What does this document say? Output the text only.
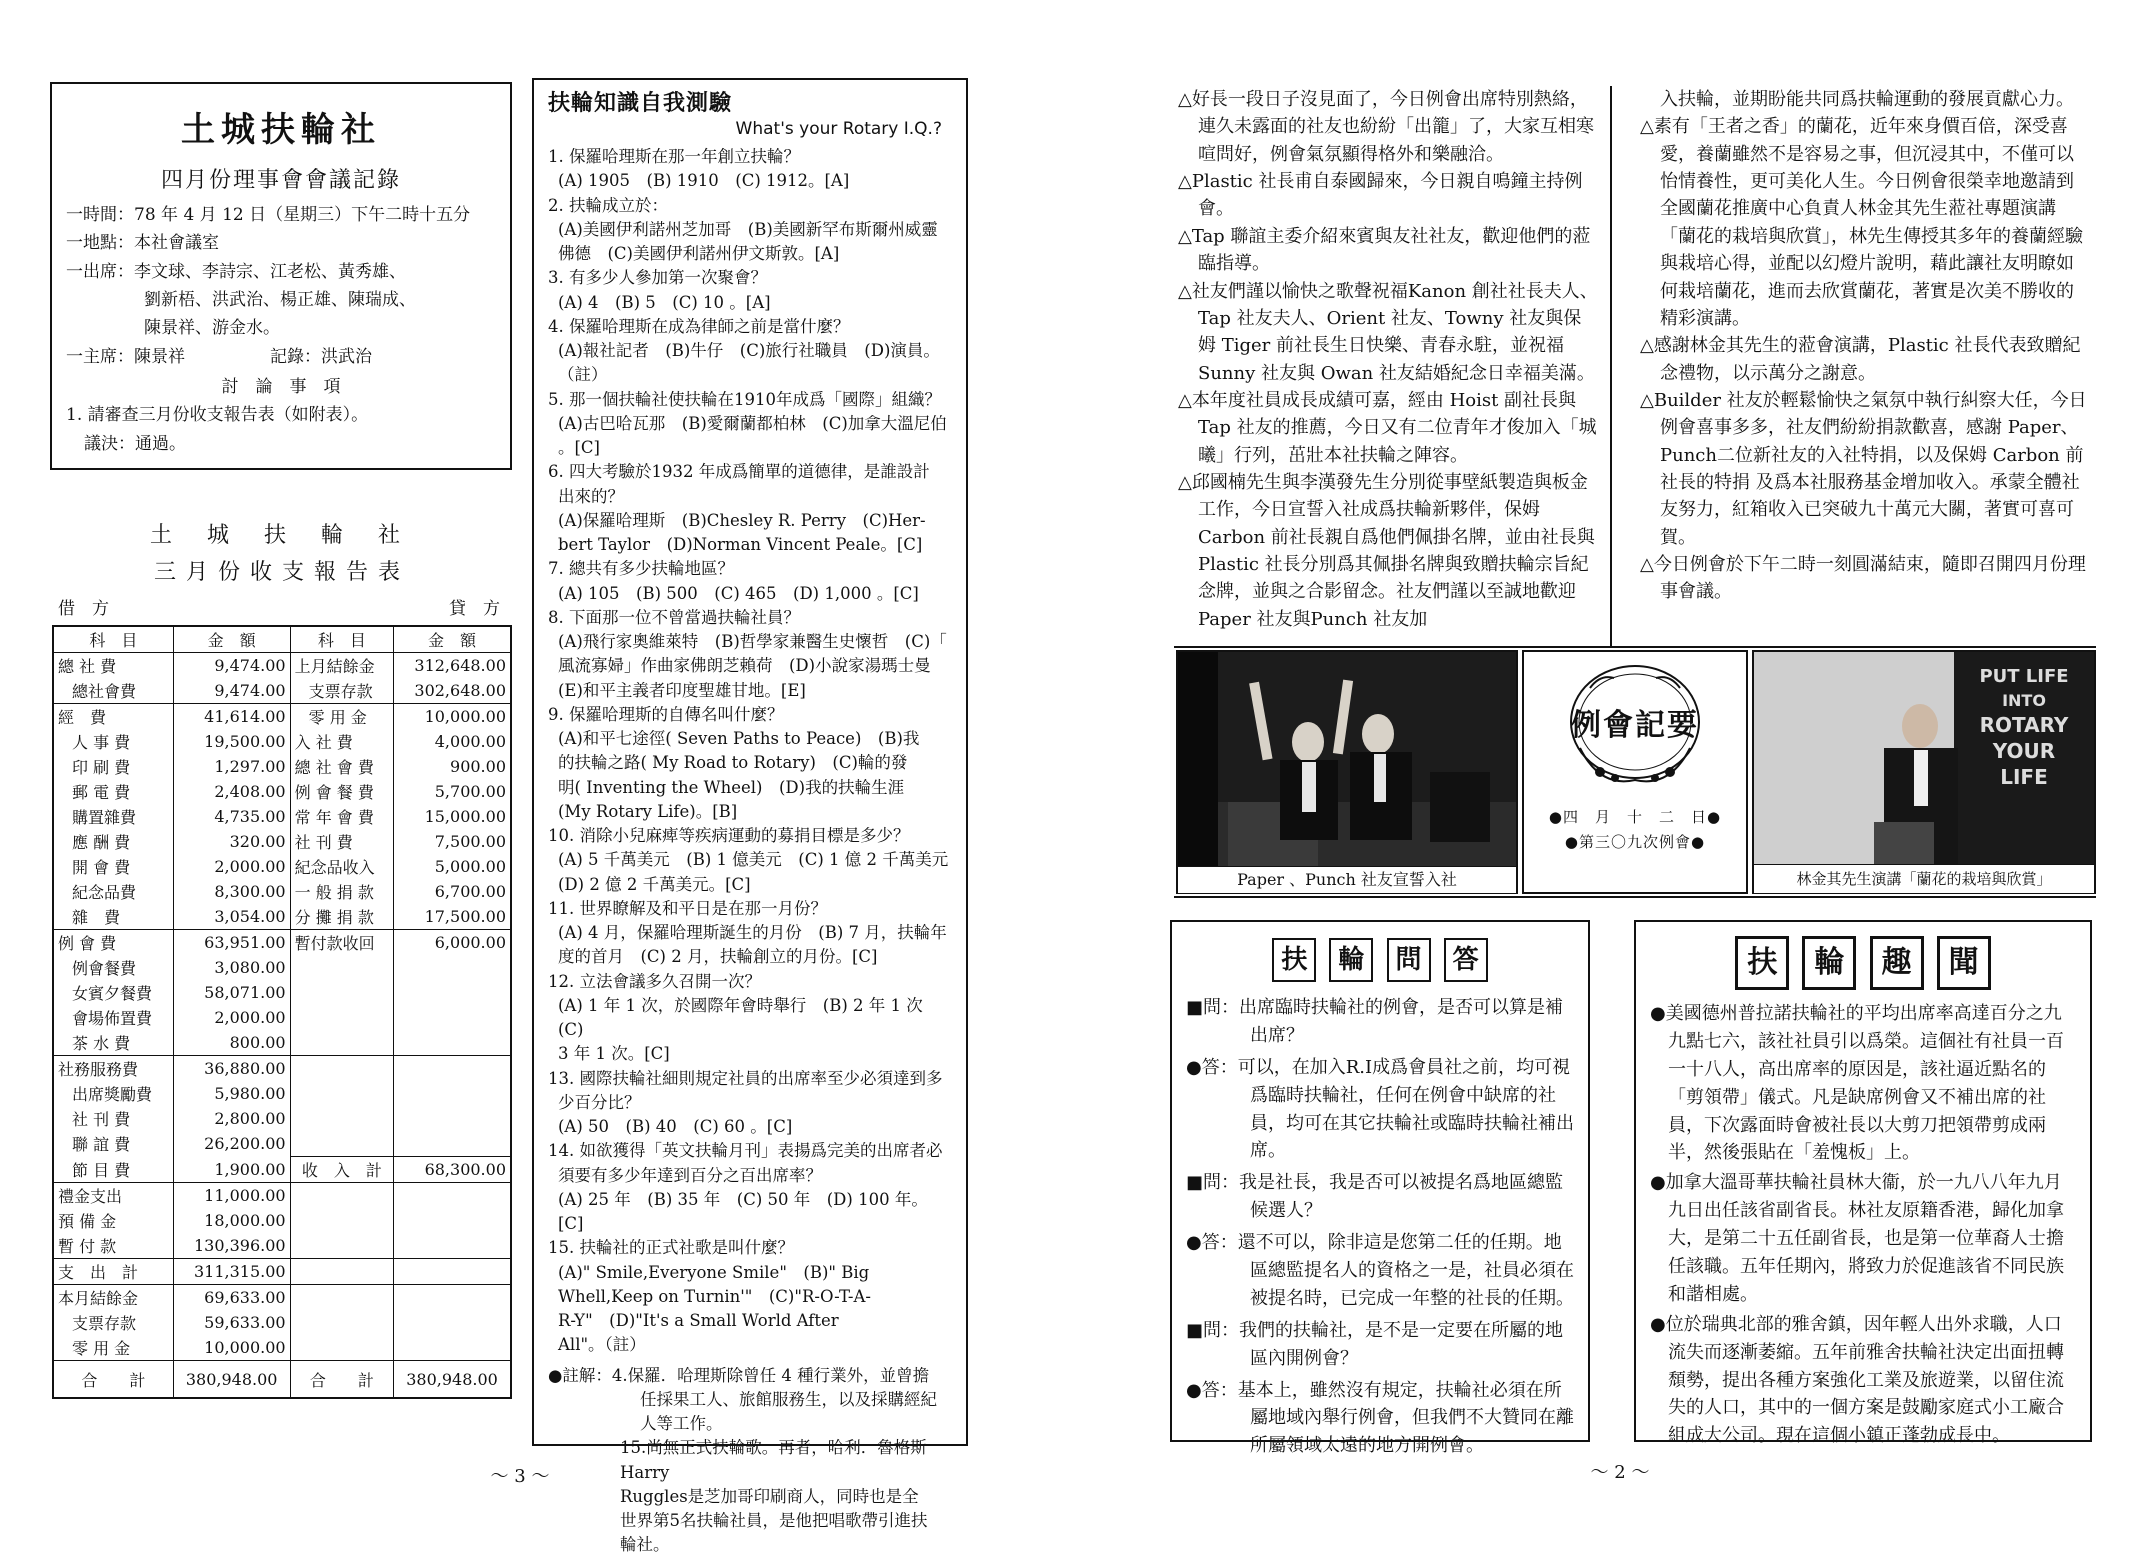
土城扶輪社
四月份理事會會議記錄
一時間：78 年 4 月 12 日（星期三）下午二時十五分
一地點：本社會議室
一出席：李文球、李詩宗、江老松、黃秀雄、
劉新梧、洪武治、楊正雄、陳瑞成、
陳景祥、游金水。
一主席：陳景祥　　　　　記錄：洪武治
討　論　事　項
1. 請審查三月份收支報告表（如附表）。
議決：通過。
土 城 扶 輪 社
三月份收支報告表
借　方	貸　方
科　目	金　額	科　目	金　額
總 社 費	9,474.00	上月結餘金	312,648.00
總社會費	9,474.00	支票存款	302,648.00
經　費	41,614.00	零 用 金	10,000.00
人 事 費	19,500.00	入 社 費	4,000.00
印 刷 費	1,297.00	總 社 會 費	900.00
郵 電 費	2,408.00	例 會 餐 費	5,700.00
購置雜費	4,735.00	常 年 會 費	15,000.00
應 酬 費	320.00	社 刊 費	7,500.00
開 會 費	2,000.00	紀念品收入	5,000.00
紀念品費	8,300.00	一 般 捐 款	6,700.00
雜　費	3,054.00	分 攤 捐 款	17,500.00
例 會 費	63,951.00	暫付款收回	6,000.00
例會餐費	3,080.00		
女賓夕餐費	58,071.00		
會場佈置費	2,000.00		
茶 水 費	800.00		
社務服務費	36,880.00		
出席獎勵費	5,980.00		
社 刊 費	2,800.00		
聯 誼 費	26,200.00		
節 目 費	1,900.00	收　入　計	68,300.00
禮金支出	11,000.00		
預 備 金	18,000.00		
暫 付 款	130,396.00		
支　出　計	311,315.00		
本月結餘金	69,633.00		
支票存款	59,633.00		
零 用 金	10,000.00		
合　　計	380,948.00	合　　計	380,948.00
扶輪知識自我測驗
What's your Rotary I.Q.?
1. 保羅哈理斯在那一年創立扶輪？
(A) 1905　(B) 1910　(C) 1912。[A]
2. 扶輪成立於：
(A)美國伊利諾州芝加哥　(B)美國新罕布斯爾州威靈
佛德　(C)美國伊利諾州伊文斯敦。[A]
3. 有多少人參加第一次聚會？
(A) 4　(B) 5　(C) 10 。[A]
4. 保羅哈理斯在成為律師之前是當什麼？
(A)報社記者　(B)牛仔　(C)旅行社職員　(D)演員。
（註）
5. 那一個扶輪社使扶輪在1910年成爲「國際」組織？
(A)古巴哈瓦那　(B)愛爾蘭都柏林　(C)加拿大溫尼伯
。[C]
6. 四大考驗於1932 年成爲簡單的道德律，是誰設計
出來的？
(A)保羅哈理斯　(B)Chesley R. Perry　(C)Her-
bert Taylor　(D)Norman Vincent Peale。[C]
7. 總共有多少扶輪地區？
(A) 105　(B) 500　(C) 465　(D) 1,000 。[C]
8. 下面那一位不曾當過扶輪社員？
(A)飛行家奧維萊特　(B)哲學家兼醫生史懷哲　(C)「
風流寡婦」作曲家佛朗芝賴荷　(D)小說家湯瑪士曼
(E)和平主義者印度聖雄甘地。[E]
9. 保羅哈理斯的自傳名叫什麼？
(A)和平七途徑( Seven Paths to Peace)　(B)我
的扶輪之路( My Road to Rotary)　(C)輪的發
明( Inventing the Wheel)　(D)我的扶輪生涯
(My Rotary Life)。[B]
10. 消除小兒麻痺等疾病運動的募捐目標是多少？
(A) 5 千萬美元　(B) 1 億美元　(C) 1 億 2 千萬美元
(D) 2 億 2 千萬美元。[C]
11. 世界瞭解及和平日是在那一月份？
(A) 4 月，保羅哈理斯誕生的月份　(B) 7 月，扶輪年
度的首月　(C) 2 月，扶輪創立的月份。[C]
12. 立法會議多久召開一次？
(A) 1 年 1 次，於國際年會時舉行　(B) 2 年 1 次　(C)
3 年 1 次。[C]
13. 國際扶輪社細則規定社員的出席率至少必須達到多
少百分比？
(A) 50　(B) 40　(C) 60 。[C]
14. 如欲獲得「英文扶輪月刊」表揚爲完美的出席者必
須要有多少年達到百分之百出席率？
(A) 25 年　(B) 35 年　(C) 50 年　(D) 100 年。[C]
15. 扶輪社的正式社歌是叫什麼？
(A)" Smile,Everyone Smile"　(B)" Big
Whell,Keep on Turnin'"　(C)"R-O-T-A-
R-Y"　(D)"It's a Small World After
All"。（註）
●註解：4.保羅．哈理斯除曾任 4 種行業外，並曾擔
任採果工人、旅館服務生，以及採購經紀
人等工作。
15.尚無正式扶輪歌。再者，哈利．魯格斯Harry
Ruggles是芝加哥印刷商人，同時也是全
世界第5名扶輪社員，是他把唱歌帶引進扶
輪社。
～ 3 ～
△好長一段日子沒見面了，今日例會出席特別熱絡，連久未露面的社友也紛紛「出籠」了，大家互相寒喧問好，例會氣氛顯得格外和樂融洽。
△Plastic 社長甫自泰國歸來，今日親自鳴鐘主持例會。
△Tap 聯誼主委介紹來賓與友社社友，歡迎他們的蒞臨指導。
△社友們謹以愉快之歌聲祝福Kanon 創社社長夫人、Tap 社友夫人、Orient 社友、Towny 社友與保姆 Tiger 前社長生日快樂、青春永駐，並祝福 Sunny 社友與 Owan 社友結婚紀念日幸福美滿。
△本年度社員成長成績可嘉，經由 Hoist 副社長與Tap 社友的推薦，今日又有二位青年才俊加入「城曦」行列，茁壯本社扶輪之陣容。
△邱國楠先生與李漢發先生分別從事壁紙製造與板金工作，今日宣誓入社成爲扶輪新夥伴，保姆Carbon 前社長親自爲他們佩掛名牌，並由社長與Plastic 社長分別爲其佩掛名牌與致贈扶輪宗旨紀念牌，並與之合影留念。社友們謹以至誠地歡迎Paper 社友與Punch 社友加
入扶輪，並期盼能共同爲扶輪運動的發展貢獻心力。
△素有「王者之香」的蘭花，近年來身價百倍，深受喜愛，養蘭雖然不是容易之事，但沉浸其中，不僅可以怡情養性，更可美化人生。今日例會很榮幸地邀請到全國蘭花推廣中心負責人林金其先生蒞社專題演講「蘭花的栽培與欣賞」，林先生傳授其多年的養蘭經驗與栽培心得，並配以幻燈片說明，藉此讓社友明瞭如何栽培蘭花，進而去欣賞蘭花，著實是次美不勝收的精彩演講。
△感謝林金其先生的蒞會演講，Plastic 社長代表致贈紀念禮物，以示萬分之謝意。
△Builder 社友於輕鬆愉快之氣氛中執行糾察大任，今日例會喜事多多，社友們紛紛捐款歡喜，感謝 Paper、Punch二位新社友的入社特捐，以及保姆 Carbon 前社長的特捐 及爲本社服務基金增加收入。承蒙全體社友努力，紅箱收入已突破九十萬元大關，著實可喜可賀。
△今日例會於下午二時一刻圓滿結束，隨即召開四月份理事會議。
Paper 、Punch 社友宣誓入社
例會記要
●四　月　十　二　日●
●第三〇九次例會●
PUT LIFE
INTO
ROTARY
YOUR
LIFE
林金其先生演講「蘭花的栽培與欣賞」
扶 輪 問 答
■問：出席臨時扶輪社的例會，是否可以算是補出席？
●答：可以，在加入R.I成爲會員社之前，均可視爲臨時扶輪社，任何在例會中缺席的社員，均可在其它扶輪社或臨時扶輪社補出席。
■問：我是社長，我是否可以被提名爲地區總監候選人？
●答：還不可以，除非這是您第二任的任期。地區總監提名人的資格之一是，社員必須在被提名時，已完成一年整的社長的任期。
■問：我們的扶輪社，是不是一定要在所屬的地區內開例會？
●答：基本上，雖然沒有規定，扶輪社必須在所屬地域內舉行例會，但我們不大贊同在離所屬領域太遠的地方開例會。
扶 輪 趣 聞
●美國德州普拉諾扶輪社的平均出席率高達百分之九九點七六，該社社員引以爲榮。這個社有社員一百一十八人，高出席率的原因是，該社逼近點名的「剪領帶」儀式。凡是缺席例會又不補出席的社員，下次露面時會被社長以大剪刀把領帶剪成兩半，然後張貼在「羞愧板」上。
●加拿大溫哥華扶輪社員林大衞，於一九八八年九月九日出任該省副省長。林社友原籍香港，歸化加拿大，是第二十五任副省長，也是第一位華裔人士擔任該職。五年任期內，將致力於促進該省不同民族和諧相處。
●位於瑞典北部的雅舍鎮，因年輕人出外求職，人口流失而逐漸萎縮。五年前雅舍扶輪社決定出面扭轉頹勢，提出各種方案強化工業及旅遊業，以留住流失的人口，其中的一個方案是鼓勵家庭式小工廠合組成大公司。現在這個小鎮正蓬勃成長中。
～ 2 ～
